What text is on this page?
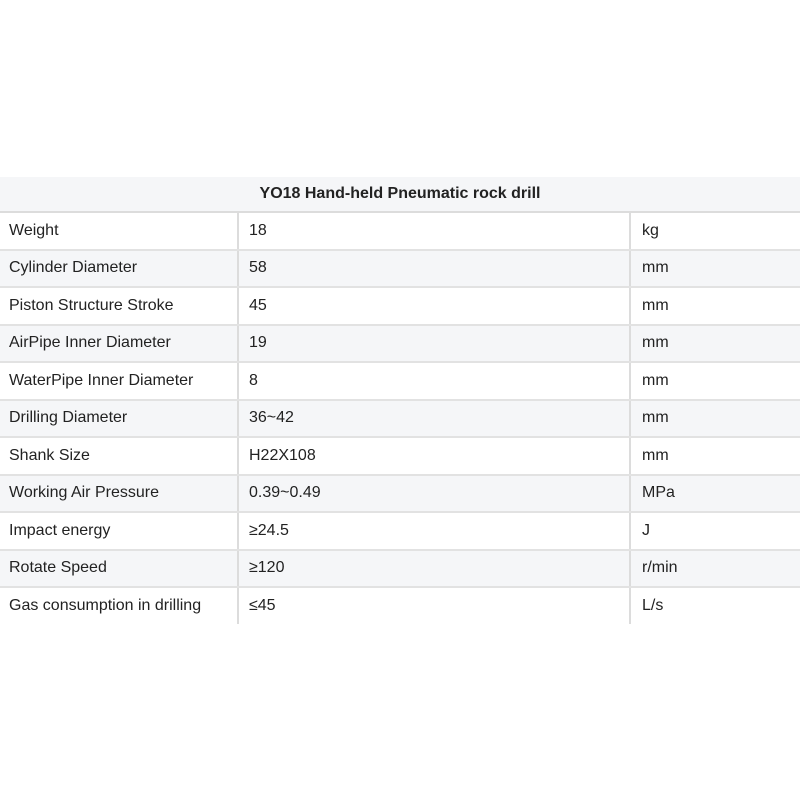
YO18 Hand-held Pneumatic rock drill		
Weight	18	kg
Cylinder Diameter	58	mm
Piston Structure Stroke	45	mm
AirPipe Inner Diameter	19	mm
WaterPipe Inner Diameter	8	mm
Drilling Diameter	36~42	mm
Shank Size	H22X108	mm
Working Air Pressure	0.39~0.49	MPa
Impact energy	≥24.5	J
Rotate Speed	≥120	r/min
Gas consumption in drilling	≤45	L/s
